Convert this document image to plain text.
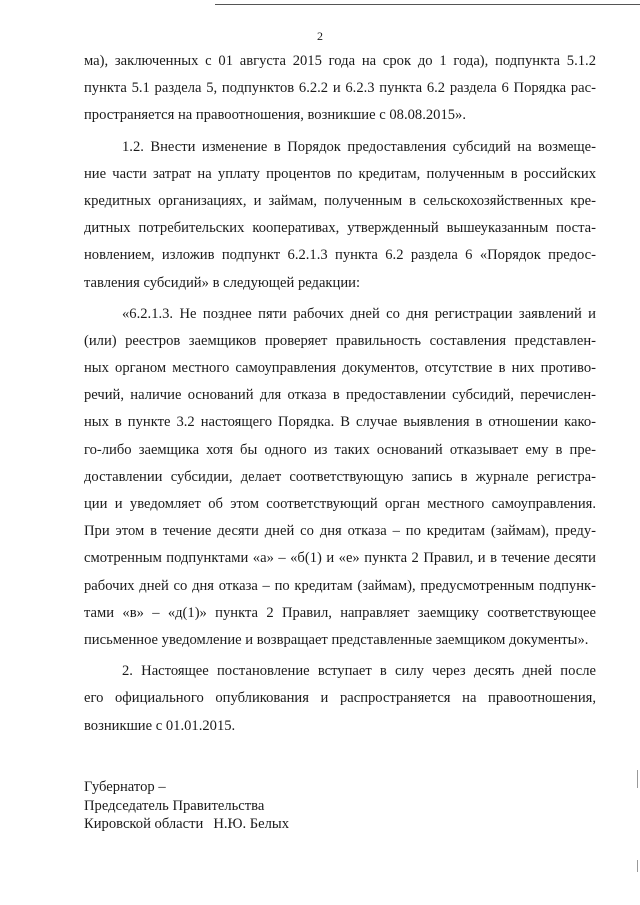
2
ма), заключенных с 01 августа 2015 года на срок до 1 года), подпункта 5.1.2
пункта 5.1 раздела 5, подпунктов 6.2.2 и 6.2.3 пункта 6.2 раздела 6 Порядка рас-
пространяется на правоотношения, возникшие с 08.08.2015».
1.2. Внести изменение в Порядок предоставления субсидий на возмеще-
ние части затрат на уплату процентов по кредитам, полученным в российских
кредитных организациях, и займам, полученным в сельскохозяйственных кре-
дитных потребительских кооперативах, утвержденный вышеуказанным поста-
новлением, изложив подпункт 6.2.1.3 пункта 6.2 раздела 6 «Порядок предос-
тавления субсидий» в следующей редакции:
«6.2.1.3. Не позднее пяти рабочих дней со дня регистрации заявлений и
(или) реестров заемщиков проверяет правильность составления представлен-
ных органом местного самоуправления документов, отсутствие в них противо-
речий, наличие оснований для отказа в предоставлении субсидий, перечислен-
ных в пункте 3.2 настоящего Порядка. В случае выявления в отношении како-
го-либо заемщика хотя бы одного из таких оснований отказывает ему в пре-
доставлении субсидии, делает соответствующую запись в журнале регистра-
ции и уведомляет об этом соответствующий орган местного самоуправления.
При этом в течение десяти дней со дня отказа – по кредитам (займам), преду-
смотренным подпунктами «а» – «б(1) и «е» пункта 2 Правил, и в течение десяти
рабочих дней со дня отказа – по кредитам (займам), предусмотренным подпунк-
тами «в» – «д(1)» пункта 2 Правил, направляет заемщику соответствующее
письменное уведомление и возвращает представленные заемщиком документы».
2. Настоящее постановление вступает в силу через десять дней после
его официального опубликования и распространяется на правоотношения,
возникшие с 01.01.2015.
Губернатор –
Председатель Правительства
Кировской области Н.Ю. Белых
